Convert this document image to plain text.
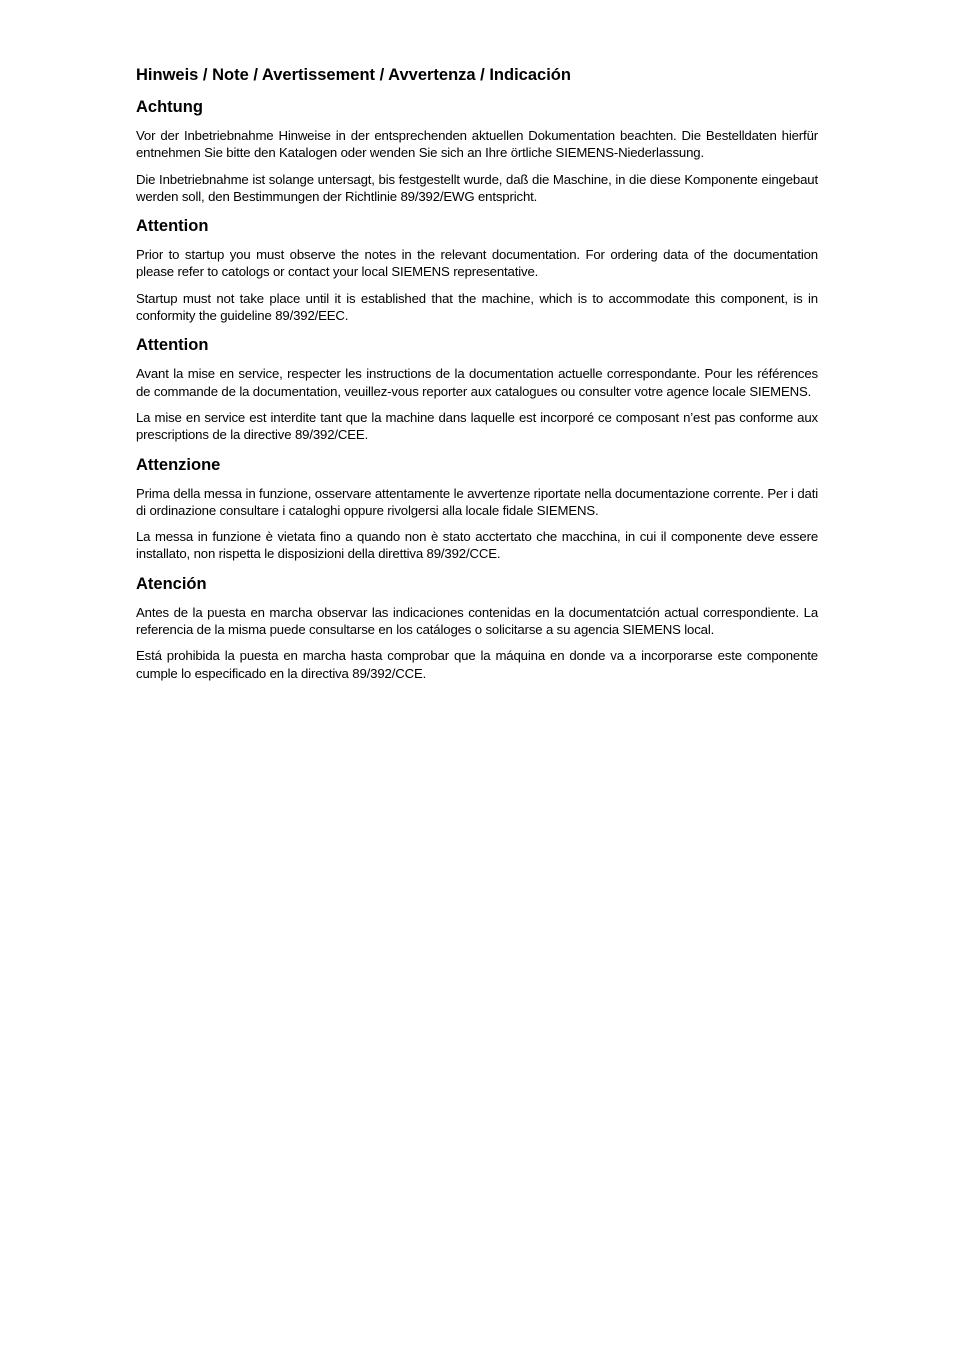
Hinweis / Note / Avertissement / Avvertenza / Indicación
Achtung

Vor der Inbetriebnahme Hinweise in der entsprechenden aktuellen Dokumentation beachten. Die Bestelldaten hierfür entnehmen Sie bitte den Katalogen oder wenden Sie sich an Ihre örtliche SIEMENS-Niederlassung.

Die Inbetriebnahme ist solange untersagt, bis festgestellt wurde, daß die Maschine, in die diese Komponente eingebaut werden soll, den Bestimmungen der Richtlinie 89/392/EWG entspricht.

Attention

Prior to startup you must observe the notes in the relevant documentation. For ordering data of the documentation please refer to catologs or contact your local SIEMENS representative.

Startup must not take place until it is established that the machine, which is to accommodate this component, is in conformity the guideline 89/392/EEC.

Attention

Avant la mise en service, respecter les instructions de la documentation actuelle correspondante. Pour les références de commande de la documentation, veuillez-vous reporter aux catalogues ou consulter votre agence locale SIEMENS.

La mise en service est interdite tant que la machine dans laquelle est incorporé ce composant n’est pas conforme aux prescriptions de la directive 89/392/CEE.

Attenzione

Prima della messa in funzione, osservare attentamente le avvertenze riportate nella documentazione corrente. Per i dati di ordinazione consultare i cataloghi oppure rivolgersi alla locale fidale SIEMENS.

La messa in funzione è vietata fino a quando non è stato acctertato che macchina, in cui il componente deve essere installato, non rispetta le disposizioni della direttiva 89/392/CCE.

Atención

Antes de la puesta en marcha observar las indicaciones contenidas en la documentatción actual correspondiente. La referencia de la misma puede consultarse en los catáloges o solicitarse a su agencia SIEMENS local.

Está prohibida la puesta en marcha hasta comprobar que la máquina en donde va a incorporarse este componente cumple lo especificado en la directiva 89/392/CCE.
